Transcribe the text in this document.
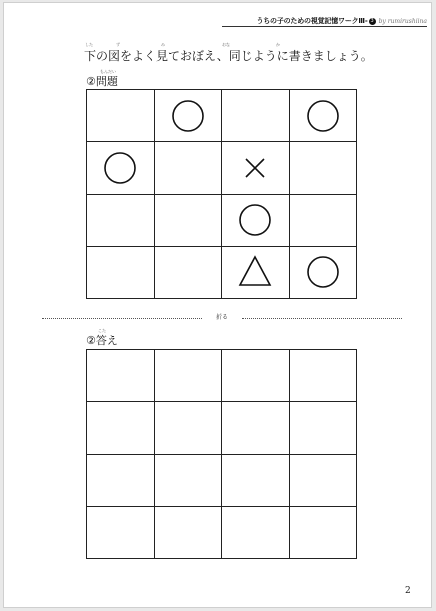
うちの子のための視覚記憶ワークⅢ- 3 by rumirushiina
した	ず	み	おな	か
下の図をよく見ておぼえ、同じように書きましょう。
もんだい
②問題

折る
こた
②答え

2
